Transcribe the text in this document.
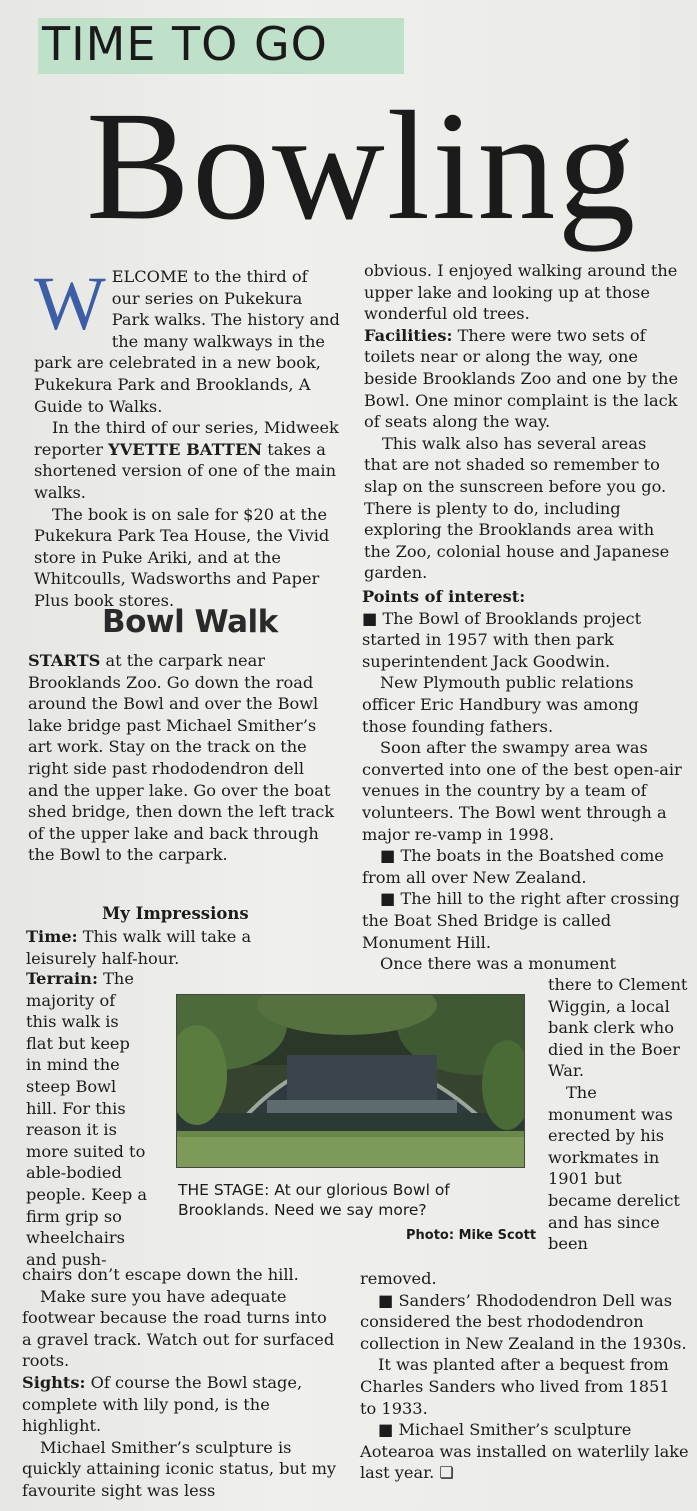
TIME TO GO
Bowling

WELCOME to the third of our series on Pukekura Park walks. The history and the many walkways in the park are celebrated in a new book, Pukekura Park and Brooklands, A Guide to Walks.

In the third of our series, Midweek reporter YVETTE BATTEN takes a shortened version of one of the main walks.

The book is on sale for $20 at the Pukekura Park Tea House, the Vivid store in Puke Ariki, and at the Whitcoulls, Wadsworths and Paper Plus book stores.

Bowl Walk

STARTS at the carpark near Brooklands Zoo. Go down the road around the Bowl and over the Bowl lake bridge past Michael Smither’s art work. Stay on the track on the right side past rhododendron dell and the upper lake. Go over the boat shed bridge, then down the left track of the upper lake and back through the Bowl to the carpark.

My Impressions

Time: This walk will take a leisurely half-hour.

Terrain: The majority of this walk is flat but keep in mind the steep Bowl hill. For this reason it is more suited to able-bodied people. Keep a firm grip so wheelchairs and push-

chairs don’t escape down the hill.

Make sure you have adequate footwear because the road turns into a gravel track. Watch out for surfaced roots.

Sights: Of course the Bowl stage, complete with lily pond, is the highlight.

Michael Smither’s sculpture is quickly attaining iconic status, but my favourite sight was less

obvious. I enjoyed walking around the upper lake and looking up at those wonderful old trees.

Facilities: There were two sets of toilets near or along the way, one beside Brooklands Zoo and one by the Bowl. One minor complaint is the lack of seats along the way.

This walk also has several areas that are not shaded so remember to slap on the sunscreen before you go. There is plenty to do, including exploring the Brooklands area with the Zoo, colonial house and Japanese garden.

Points of interest:

■ The Bowl of Brooklands project started in 1957 with then park superintendent Jack Goodwin.

New Plymouth public relations officer Eric Handbury was among those founding fathers.

Soon after the swampy area was converted into one of the best open-air venues in the country by a team of volunteers. The Bowl went through a major re-vamp in 1998.

■ The boats in the Boatshed come from all over New Zealand.

■ The hill to the right after crossing the Boat Shed Bridge is called Monument Hill.

Once there was a monument

there to Clement Wiggin, a local bank clerk who died in the Boer War.

The monument was erected by his workmates in 1901 but became derelict and has since been

removed.

■ Sanders’ Rhododendron Dell was considered the best rhododendron collection in New Zealand in the 1930s.

It was planted after a bequest from Charles Sanders who lived from 1851 to 1933.

■ Michael Smither’s sculpture Aotearoa was installed on waterlily lake last year. ❏

THE STAGE: At our glorious Bowl of Brooklands. Need we say more?
Photo: Mike Scott
